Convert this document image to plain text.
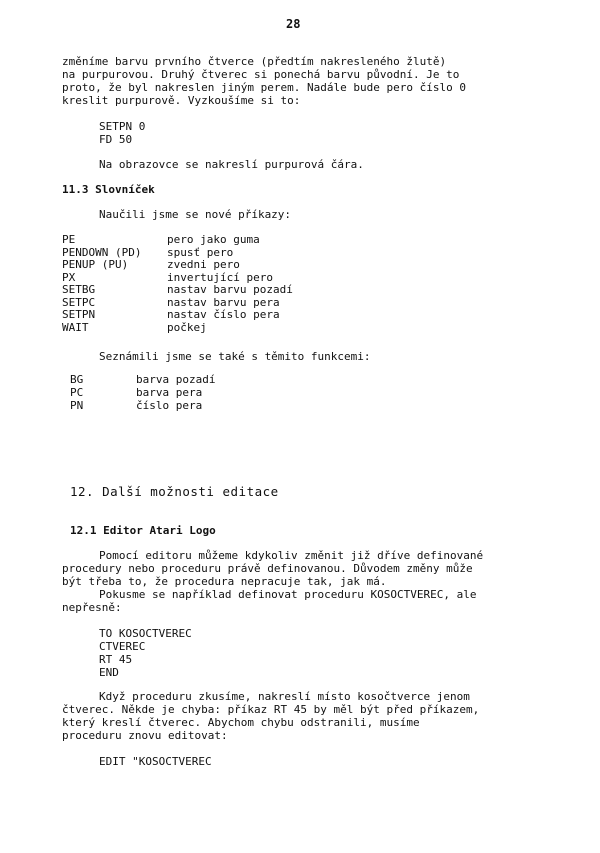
28
změníme barvu prvního čtverce (předtím nakresleného žlutě)
na purpurovou. Druhý čtverec si ponechá barvu původní. Je to
proto, že byl nakreslen jiným perem. Nadále bude pero číslo 0
kreslit purpurově. Vyzkoušíme si to:
SETPN 0
FD 50
Na obrazovce se nakreslí purpurová čára.
11.3 Slovníček
Naučili jsme se nové příkazy:
PE	pero jako guma
PENDOWN (PD) spusť pero
PENUP (PU)	zvedni pero
PX	invertující pero
SETBG	nastav barvu pozadí
SETPC	nastav barvu pera
SETPN	nastav číslo pera
WAIT	počkej
Seznámili jsme se také s těmito funkcemi:
BG	barva pozadí
PC	barva pera
PN	číslo pera
12. Další možnosti editace
12.1 Editor Atari Logo
Pomocí editoru můžeme kdykoliv změnit již dříve definované
procedury nebo proceduru právě definovanou. Důvodem změny může
být třeba to, že procedura nepracuje tak, jak má.
Pokusme se například definovat proceduru KOSOCTVEREC, ale
nepřesně:
TO KOSOCTVEREC
CTVEREC
RT 45
END
Když proceduru zkusíme, nakreslí místo kosočtverce jenom
čtverec. Někde je chyba: příkaz RT 45 by měl být před příkazem,
který kreslí čtverec. Abychom chybu odstranili, musíme
proceduru znovu editovat:
EDIT "KOSOCTVEREC
